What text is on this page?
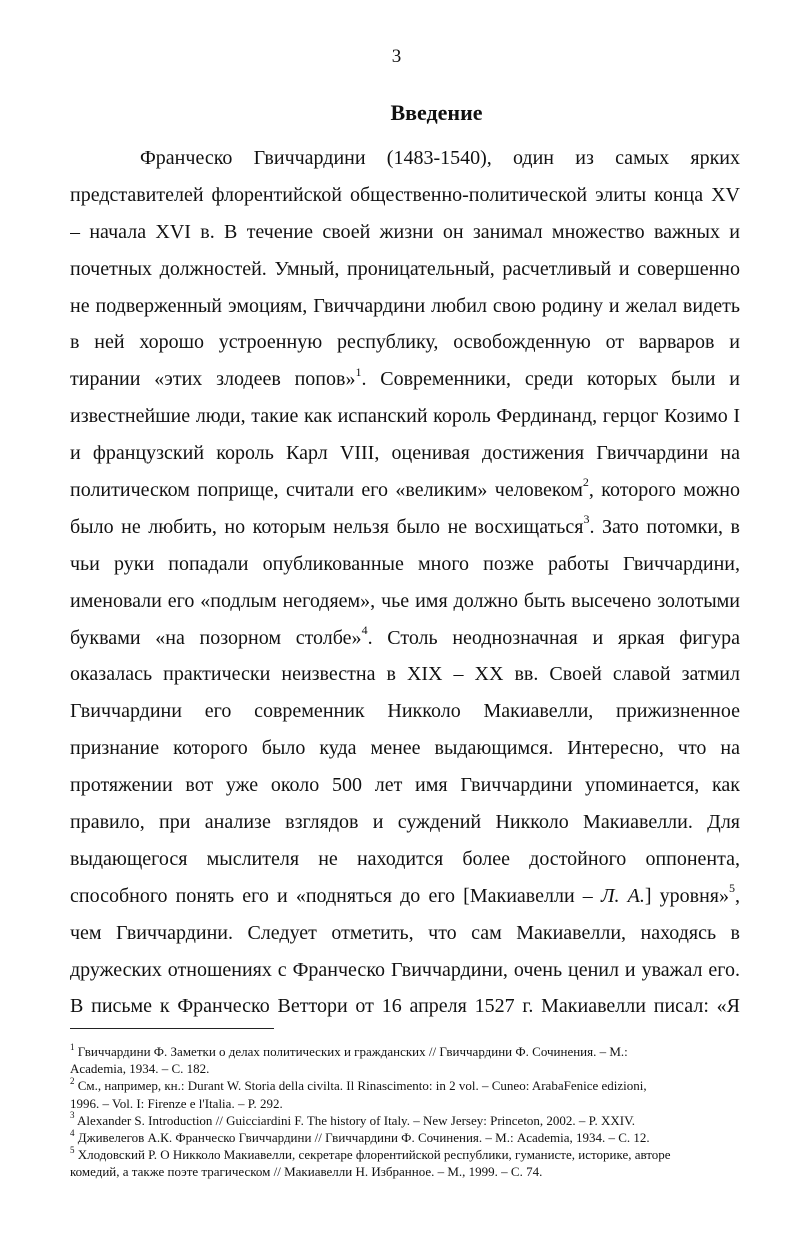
3
Введение
Франческо Гвиччардини (1483-1540), один из самых ярких
представителей флорентийской общественно-политической элиты конца XV
– начала XVI в. В течение своей жизни он занимал множество важных и
почетных должностей. Умный, проницательный, расчетливый и совершенно
не подверженный эмоциям, Гвиччардини любил свою родину и желал видеть
в ней хорошо устроенную республику, освобожденную от варваров и
тирании «этих злодеев попов»$^1$. Современники, среди которых были и
известнейшие люди, такие как испанский король Фердинанд, герцог Козимо I
и французский король Карл VIII, оценивая достижения Гвиччардини на
политическом поприще, считали его «великим» человеком$^2$, которого можно
было не любить, но которым нельзя было не восхищаться$^3$. Зато потомки, в
чьи руки попадали опубликованные много позже работы Гвиччардини,
именовали его «подлым негодяем», чье имя должно быть высечено золотыми
буквами «на позорном столбе»$^4$. Столь неоднозначная и яркая фигура
оказалась практически неизвестна в XIX – XX вв. Своей славой затмил
Гвиччардини его современник Никколо Макиавелли, прижизненное
признание которого было куда менее выдающимся. Интересно, что на
протяжении вот уже около 500 лет имя Гвиччардини упоминается, как
правило, при анализе взглядов и суждений Никколо Макиавелли. Для
выдающегося мыслителя не находится более достойного оппонента,
способного понять его и «подняться до его [Макиавелли – Л. А.] уровня»$^5$,
чем Гвиччардини. Следует отметить, что сам Макиавелли, находясь в
дружеских отношениях с Франческо Гвиччардини, очень ценил и уважал его.
В письме к Франческо Веттори от 16 апреля 1527 г. Макиавелли писал: «Я
$^1$ Гвиччардини Ф. Заметки о делах политических и гражданских // Гвиччардини Ф. Сочинения. – М.:
Academia, 1934. – С. 182.
$^2$ См., например, кн.: Durant W. Storia della civilta. Il Rinascimento: in 2 vol. – Cuneo: ArabaFenice edizioni,
1996. – Vol. I: Firenze e l'Italia. – P. 292.
$^3$ Alexander S. Introduction // Guicciardini F. The history of Italy. – New Jersey: Princeton, 2002. – P. XXIV.
$^4$ Дживелегов А.К. Франческо Гвиччардини // Гвиччардини Ф. Сочинения. – М.: Academia, 1934. – С. 12.
$^5$ Хлодовский Р. О Никколо Макиавелли, секретаре флорентийской республики, гуманисте, историке, авторе
комедий, а также поэте трагическом // Макиавелли Н. Избранное. – М., 1999. – С. 74.
